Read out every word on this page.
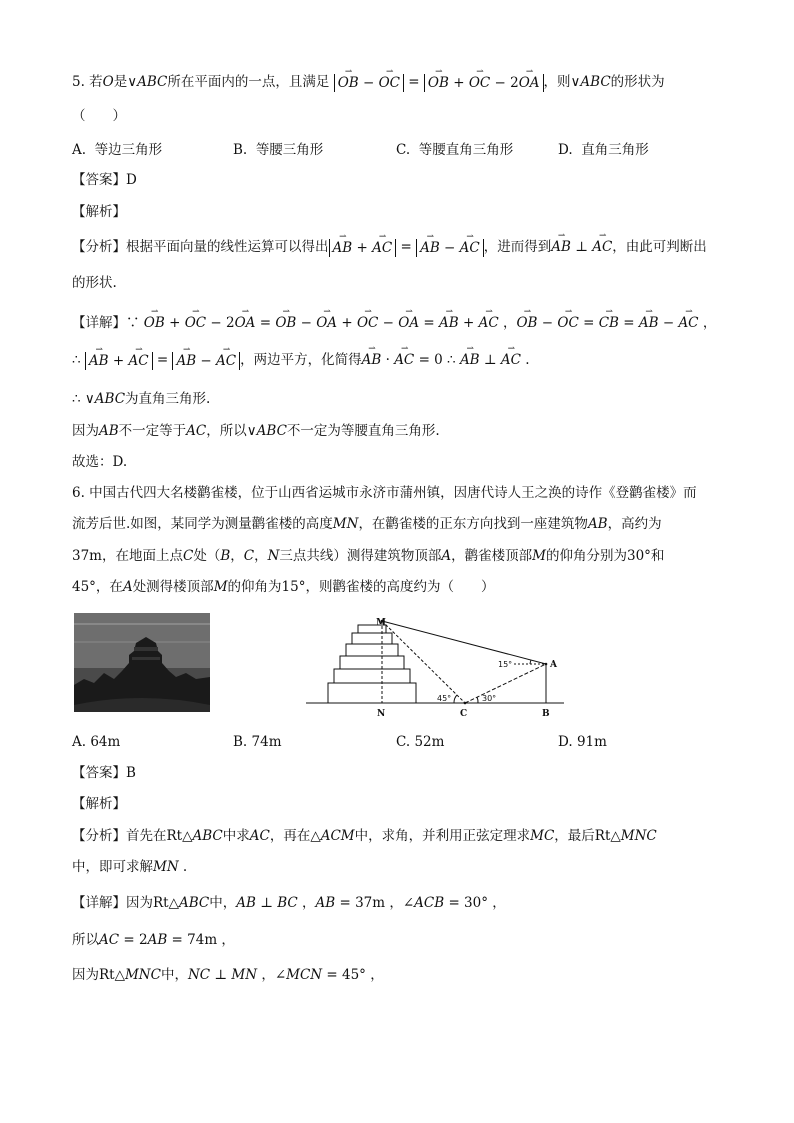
5. 若O是∨ABC所在平面内的一点，且满足 ⇀ OB − ⇀ OC = ⇀ OB + ⇀ OC − 2⇀ OA ，则∨ABC的形状为
（　　）
A. 等边三角形	B. 等腰三角形	C. 等腰直角三角形	D. 直角三角形
【答案】D
【解析】
【分析】根据平面向量的线性运算可以得出 ⇀ AB + ⇀ AC = ⇀ AB − ⇀ AC ，进而得到⇀ AB ⊥ ⇀ AC，由此可判断出
的形状.
【详解】∵ ⇀ OB + ⇀ OC − 2⇀ OA = ⇀ OB − ⇀ OA + ⇀ OC − ⇀ OA = ⇀ AB + ⇀ AC ，⇀ OB − ⇀ OC = ⇀ CB = ⇀ AB − ⇀ AC ，
∴ ⇀ AB + ⇀ AC = ⇀ AB − ⇀ AC ，两边平方，化简得⇀ AB · ⇀ AC = 0 ∴ ⇀ AB ⊥ ⇀ AC .
∴ ∨ABC为直角三角形.
因为AB不一定等于AC，所以∨ABC不一定为等腰直角三角形.
故选：D.
6. 中国古代四大名楼鹳雀楼，位于山西省运城市永济市蒲州镇，因唐代诗人王之涣的诗作《登鹳雀楼》而
流芳后世.如图，某同学为测量鹳雀楼的高度MN，在鹳雀楼的正东方向找到一座建筑物AB，高约为
37m，在地面上点C处（B，C，N三点共线）测得建筑物顶部A，鹳雀楼顶部M的仰角分别为30°和
45°，在A处测得楼顶部M的仰角为15°，则鹳雀楼的高度约为（　　）
M
N	C
A
B
45°	30°
15°
A. 64m	B. 74m	C. 52m	D. 91m
【答案】B
【解析】
【分析】首先在Rt△ABC中求AC，再在△ACM中，求角，并利用正弦定理求MC，最后Rt△MNC
中，即可求解MN .
【详解】因为Rt△ABC中，AB ⊥ BC ，AB = 37m ，∠ACB = 30° ，
所以AC = 2AB = 74m ，
因为Rt△MNC中，NC ⊥ MN ，∠MCN = 45° ，
